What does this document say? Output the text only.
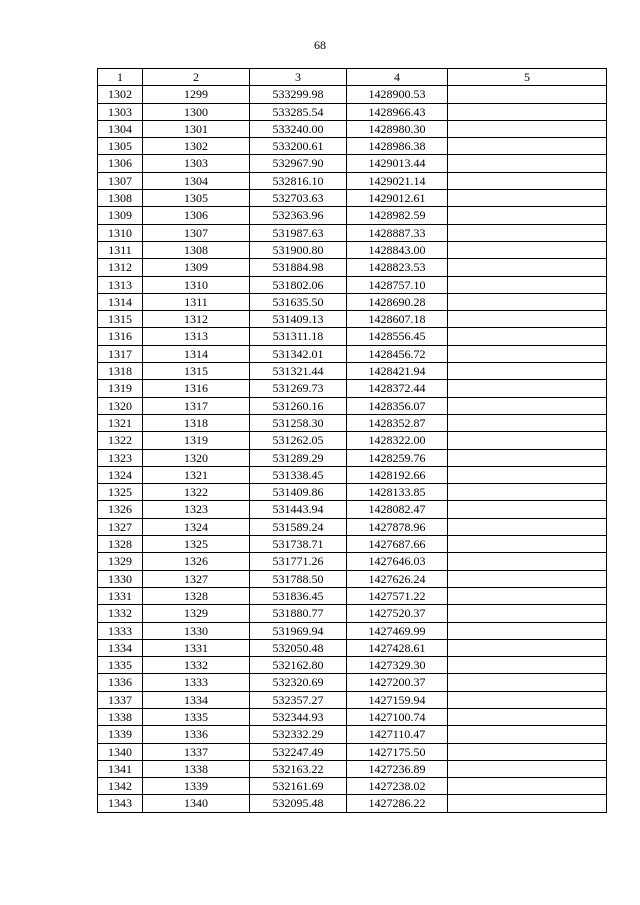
68
1	2	3	4	5
1302	1299	533299.98	1428900.53	
1303	1300	533285.54	1428966.43	
1304	1301	533240.00	1428980.30	
1305	1302	533200.61	1428986.38	
1306	1303	532967.90	1429013.44	
1307	1304	532816.10	1429021.14	
1308	1305	532703.63	1429012.61	
1309	1306	532363.96	1428982.59	
1310	1307	531987.63	1428887.33	
1311	1308	531900.80	1428843.00	
1312	1309	531884.98	1428823.53	
1313	1310	531802.06	1428757.10	
1314	1311	531635.50	1428690.28	
1315	1312	531409.13	1428607.18	
1316	1313	531311.18	1428556.45	
1317	1314	531342.01	1428456.72	
1318	1315	531321.44	1428421.94	
1319	1316	531269.73	1428372.44	
1320	1317	531260.16	1428356.07	
1321	1318	531258.30	1428352.87	
1322	1319	531262.05	1428322.00	
1323	1320	531289.29	1428259.76	
1324	1321	531338.45	1428192.66	
1325	1322	531409.86	1428133.85	
1326	1323	531443.94	1428082.47	
1327	1324	531589.24	1427878.96	
1328	1325	531738.71	1427687.66	
1329	1326	531771.26	1427646.03	
1330	1327	531788.50	1427626.24	
1331	1328	531836.45	1427571.22	
1332	1329	531880.77	1427520.37	
1333	1330	531969.94	1427469.99	
1334	1331	532050.48	1427428.61	
1335	1332	532162.80	1427329.30	
1336	1333	532320.69	1427200.37	
1337	1334	532357.27	1427159.94	
1338	1335	532344.93	1427100.74	
1339	1336	532332.29	1427110.47	
1340	1337	532247.49	1427175.50	
1341	1338	532163.22	1427236.89	
1342	1339	532161.69	1427238.02	
1343	1340	532095.48	1427286.22	
